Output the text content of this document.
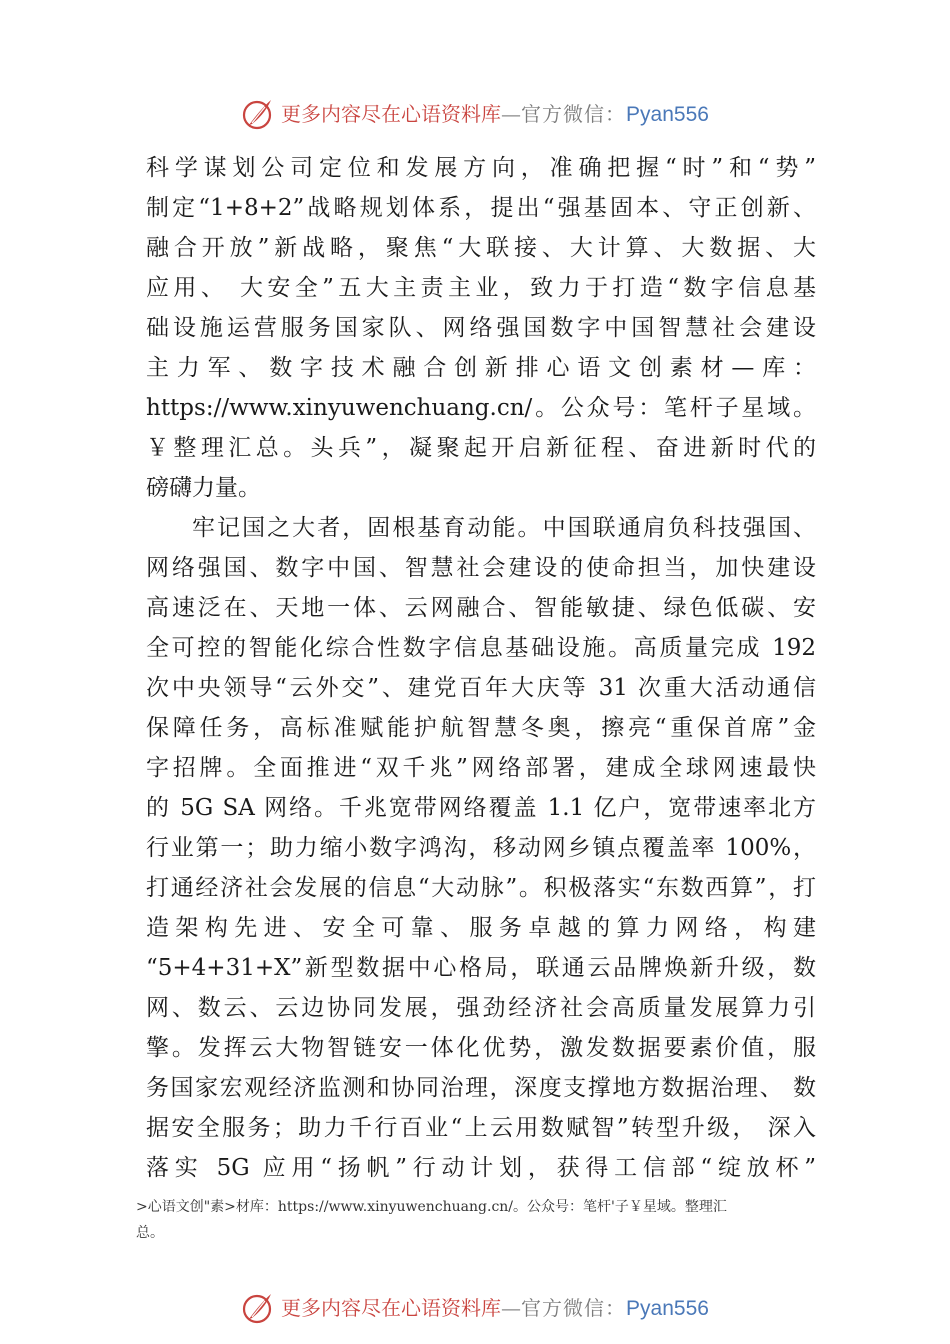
更多内容尽在心语资料库—官方微信：Pyan556

科学谋划公司定位和发展方向，准确把握“时”和“势”
制定“1+8+2”战略规划体系，提出“强基固本、守正创新、
融合开放”新战略，聚焦“大联接、大计算、大数据、大
应用、 大安全”五大主责主业，致力于打造“数字信息基
础设施运营服务国家队、网络强国数字中国智慧社会建设
主力军、数字技术融合创新排心语文创素材—库：
https://www.xinyuwenchuang.cn/。公众号：笔杆子星域。
￥整理汇总。头兵”，凝聚起开启新征程、奋进新时代的
磅礴力量。

牢记国之大者，固根基育动能。中国联通肩负科技强国、
网络强国、数字中国、智慧社会建设的使命担当，加快建设
高速泛在、天地一体、云网融合、智能敏捷、绿色低碳、安
全可控的智能化综合性数字信息基础设施。高质量完成 192
次中央领导“云外交”、建党百年大庆等 31 次重大活动通信
保障任务，高标准赋能护航智慧冬奥，擦亮“重保首席”金
字招牌。全面推进“双千兆”网络部署，建成全球网速最快
的 5G SA 网络。千兆宽带网络覆盖 1.1 亿户，宽带速率北方
行业第一；助力缩小数字鸿沟，移动网乡镇点覆盖率 100%，
打通经济社会发展的信息“大动脉”。积极落实“东数西算”，打
造架构先进、安全可靠、服务卓越的算力网络，构建
“5+4+31+X”新型数据中心格局，联通云品牌焕新升级，数
网、数云、云边协同发展，强劲经济社会高质量发展算力引
擎。发挥云大物智链安一体化优势，激发数据要素价值，服
务国家宏观经济监测和协同治理，深度支撑地方数据治理、 数
据安全服务；助力千行百业“上云用数赋智”转型升级， 深入
落实 5G 应用“扬帆”行动计划，获得工信部“绽放杯”

>心语文创"素>材库：https://www.xinyuwenchuang.cn/。公众号：笔杆'子￥星域。整理汇
总。
更多内容尽在心语资料库—官方微信：Pyan556
